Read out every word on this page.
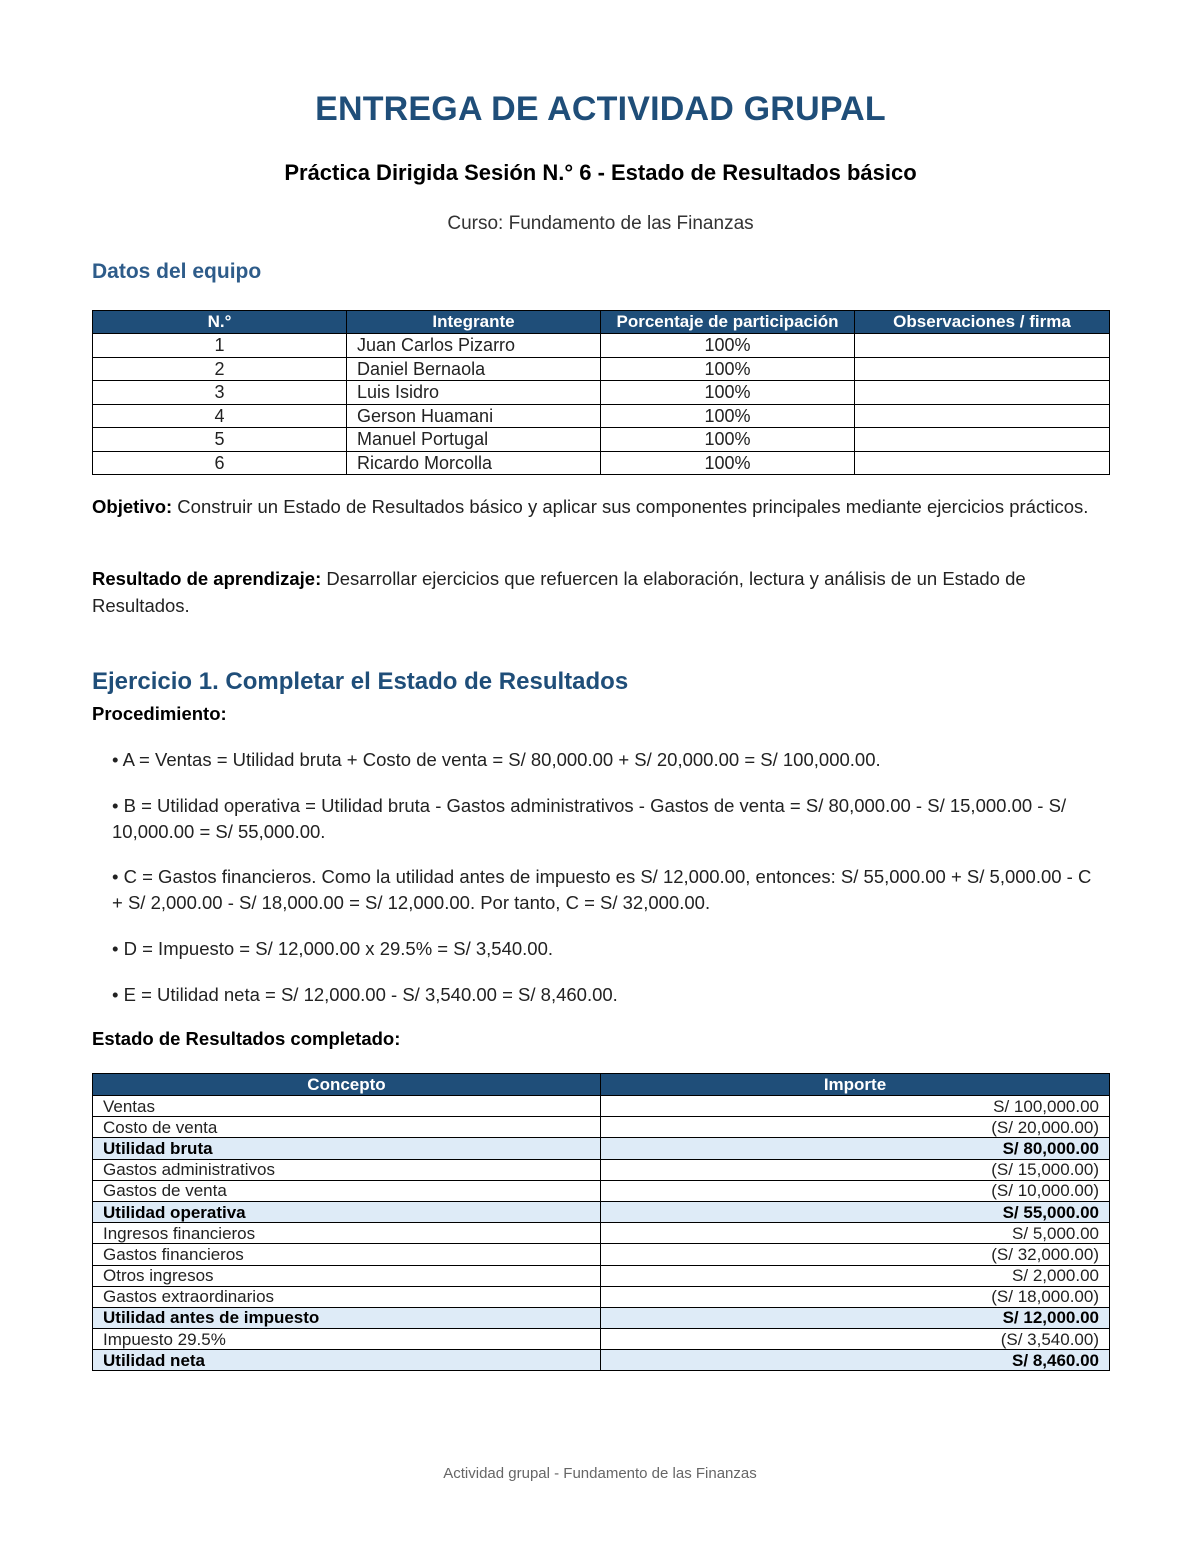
ENTREGA DE ACTIVIDAD GRUPAL
Práctica Dirigida Sesión N.° 6 - Estado de Resultados básico
Curso: Fundamento de las Finanzas
Datos del equipo
N.°	Integrante	Porcentaje de participación	Observaciones / firma
1	Juan Carlos Pizarro	100%	
2	Daniel Bernaola	100%	
3	Luis Isidro	100%	
4	Gerson Huamani	100%	
5	Manuel Portugal	100%	
6	Ricardo Morcolla	100%	
Objetivo: Construir un Estado de Resultados básico y aplicar sus componentes principales mediante ejercicios prácticos.
Resultado de aprendizaje: Desarrollar ejercicios que refuercen la elaboración, lectura y análisis de un Estado de Resultados.
Ejercicio 1. Completar el Estado de Resultados
Procedimiento:
• A = Ventas = Utilidad bruta + Costo de venta = S/ 80,000.00 + S/ 20,000.00 = S/ 100,000.00.
• B = Utilidad operativa = Utilidad bruta - Gastos administrativos - Gastos de venta = S/ 80,000.00 - S/ 15,000.00 - S/ 10,000.00 = S/ 55,000.00.
• C = Gastos financieros. Como la utilidad antes de impuesto es S/ 12,000.00, entonces: S/ 55,000.00 + S/ 5,000.00 - C + S/ 2,000.00 - S/ 18,000.00 = S/ 12,000.00. Por tanto, C = S/ 32,000.00.
• D = Impuesto = S/ 12,000.00 x 29.5% = S/ 3,540.00.
• E = Utilidad neta = S/ 12,000.00 - S/ 3,540.00 = S/ 8,460.00.
Estado de Resultados completado:
Concepto	Importe
Ventas	S/ 100,000.00
Costo de venta	(S/ 20,000.00)
Utilidad bruta	S/ 80,000.00
Gastos administrativos	(S/ 15,000.00)
Gastos de venta	(S/ 10,000.00)
Utilidad operativa	S/ 55,000.00
Ingresos financieros	S/ 5,000.00
Gastos financieros	(S/ 32,000.00)
Otros ingresos	S/ 2,000.00
Gastos extraordinarios	(S/ 18,000.00)
Utilidad antes de impuesto	S/ 12,000.00
Impuesto 29.5%	(S/ 3,540.00)
Utilidad neta	S/ 8,460.00
Actividad grupal - Fundamento de las Finanzas
